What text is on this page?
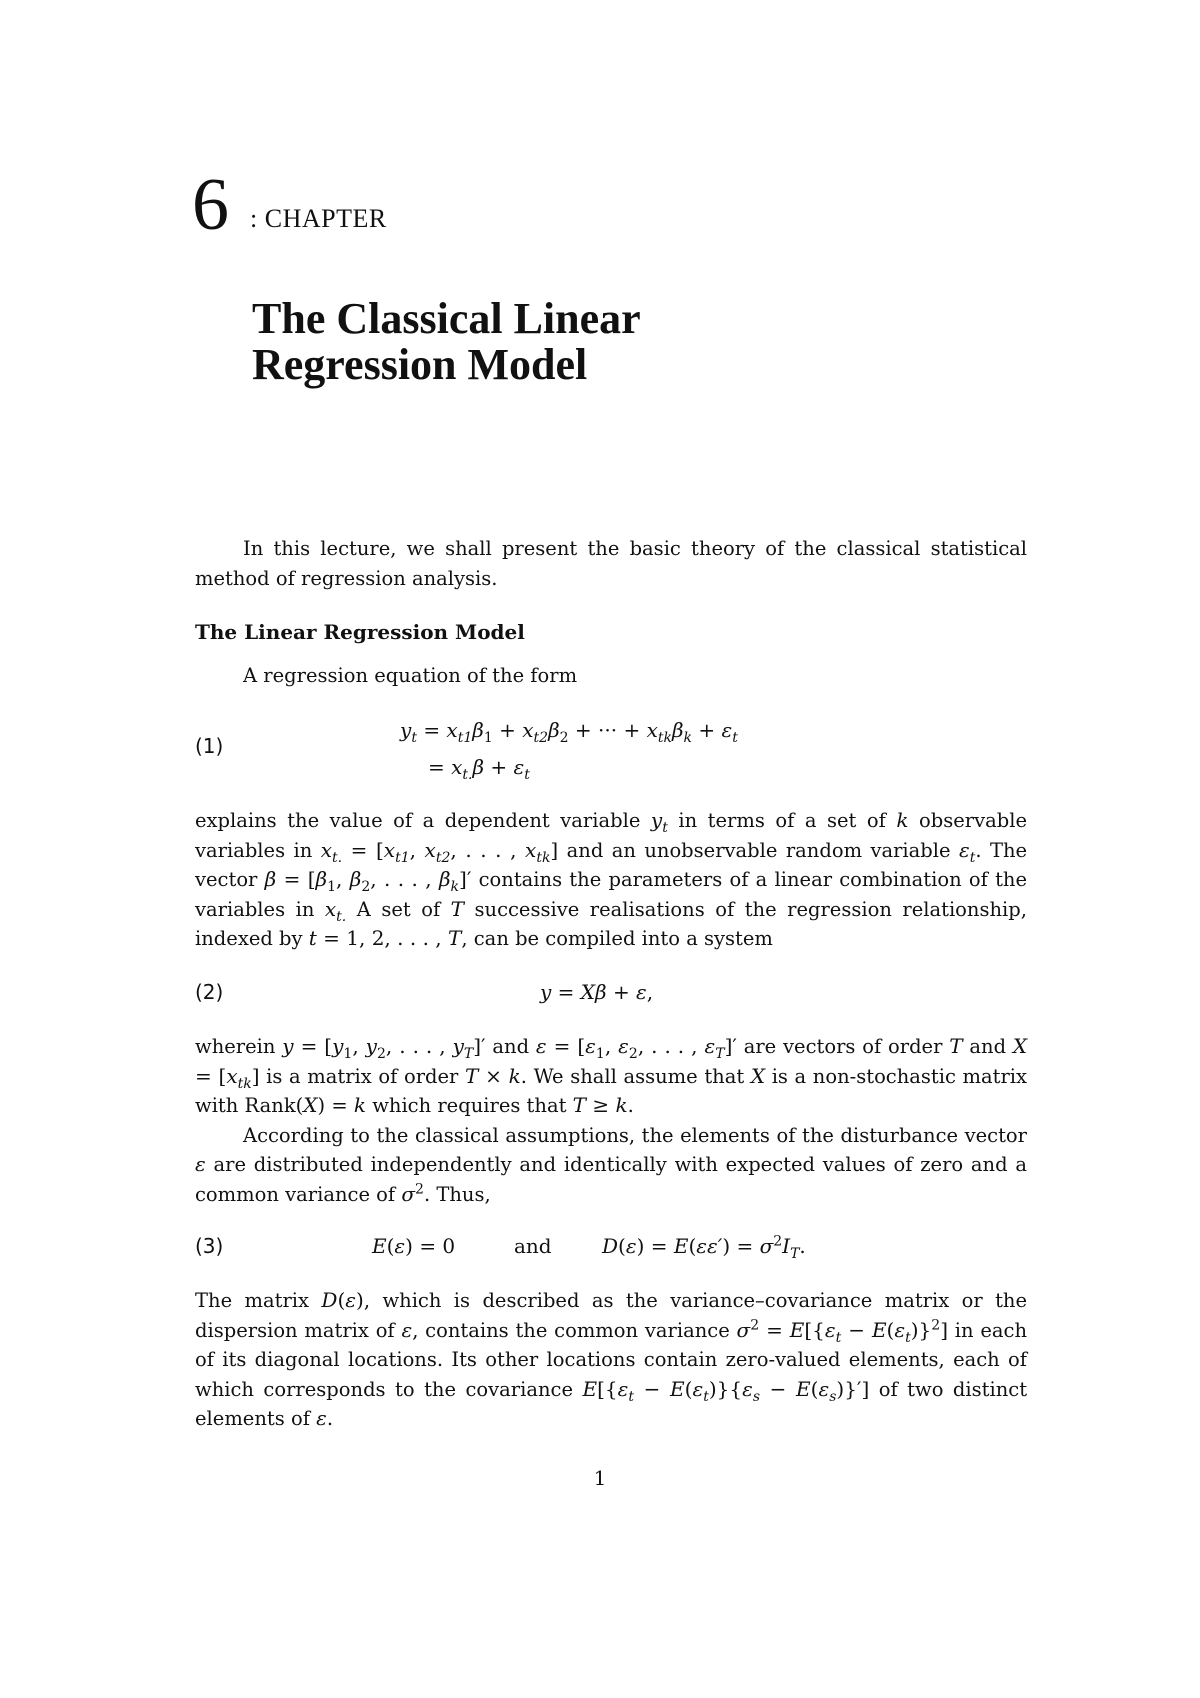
6 : CHAPTER
The Classical Linear
Regression Model

In this lecture, we shall present the basic theory of the classical statistical method of regression analysis.

The Linear Regression Model

A regression equation of the form

(1)
$y_t = x_{t1}\beta_1 + x_{t2}\beta_2$ + ··· + $x_{tk}\beta_k + \varepsilon_t$
= $x_{t.}\beta + \varepsilon_t$

explains the value of a dependent variable $y_t$ in terms of a set of k observable variables in $x_{t.} = [x_{t1}$, $x_{t2}$, . . . , $x_{tk}$] and an unobservable random variable $\varepsilon_t$. The vector $\beta = [\beta_1$, $\beta_2$, . . . , $\beta_k]'$ contains the parameters of a linear combination of the variables in $x_{t.}$ A set of T successive realisations of the regression relationship, indexed by t = 1, 2, . . . , T, can be compiled into a system

(2)	y = Xβ + ε,

wherein $y = [y_1$, $y_2$, . . . , $y_T]'$ and $\varepsilon = [\varepsilon_1$, $\varepsilon_2$, . . . , $\varepsilon_T]'$ are vectors of order T and $X = [x_{tk}]$ is a matrix of order T × k. We shall assume that X is a non-stochastic matrix with Rank(X) = k which requires that T ≥ k.

According to the classical assumptions, the elements of the disturbance vector ε are distributed independently and identically with expected values of zero and a common variance of $\sigma^2$. Thus,

(3)	E(ε) = 0	and	$D(\varepsilon) = E(\varepsilon\varepsilon') = \sigma^2I_T$.

The matrix D(ε), which is described as the variance–covariance matrix or the dispersion matrix of ε, contains the common variance $\sigma^2 = E[\{\varepsilon_t - E(\varepsilon_t)\}^2]$ in each of its diagonal locations. Its other locations contain zero-valued elements, each of which corresponds to the covariance $E[\{\varepsilon_t - E(\varepsilon_t)\}\{\varepsilon_s - E(\varepsilon_s)\}']$ of two distinct elements of ε.

1
